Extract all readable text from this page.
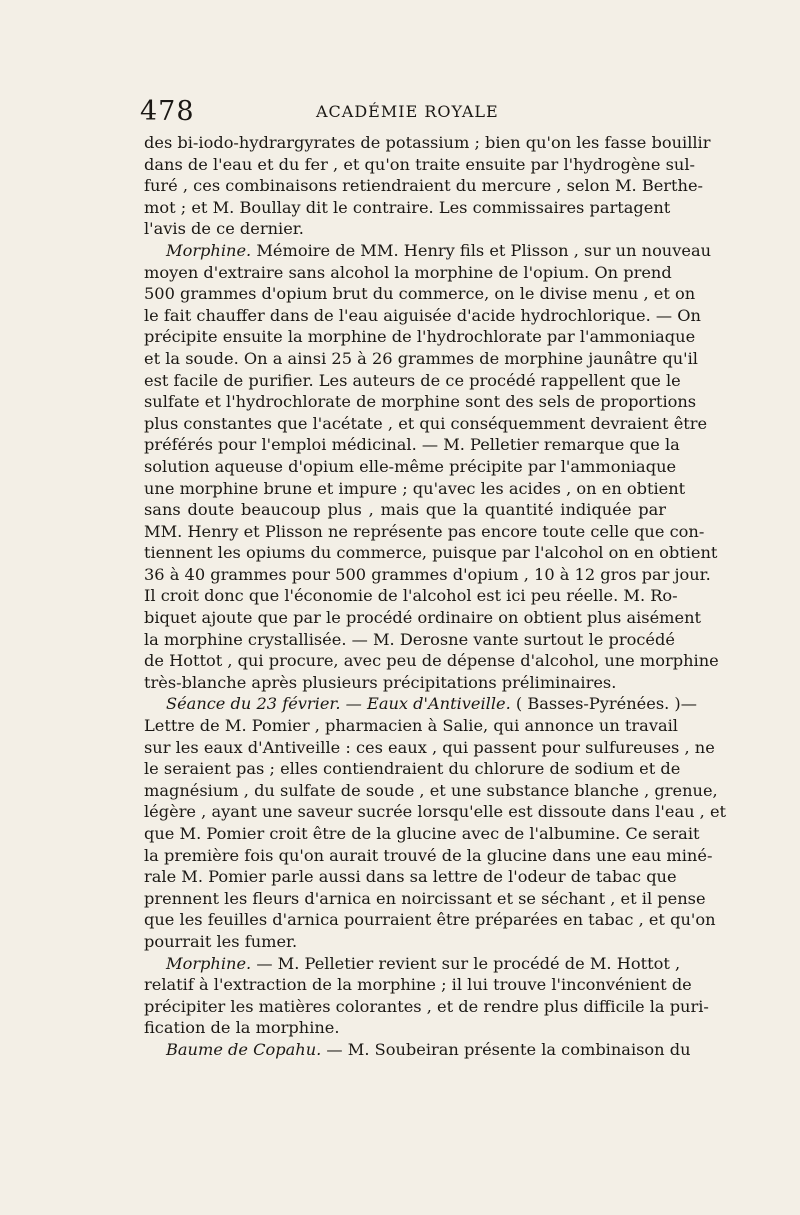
478	ACADÉMIE ROYALE
des bi-iodo-hydrargyrates de potassium ; bien qu'on les fasse bouillir
dans de l'eau et du fer , et qu'on traite ensuite par l'hydrogène sul-
furé , ces combinaisons retiendraient du mercure , selon M. Berthe-
mot ; et M. Boullay dit le contraire. Les commissaires partagent
l'avis de ce dernier.
Morphine. Mémoire de MM. Henry fils et Plisson , sur un nouveau
moyen d'extraire sans alcohol la morphine de l'opium. On prend
500 grammes d'opium brut du commerce, on le divise menu , et on
le fait chauffer dans de l'eau aiguisée d'acide hydrochlorique. — On
précipite ensuite la morphine de l'hydrochlorate par l'ammoniaque
et la soude. On a ainsi 25 à 26 grammes de morphine jaunâtre qu'il
est facile de purifier. Les auteurs de ce procédé rappellent que le
sulfate et l'hydrochlorate de morphine sont des sels de proportions
plus constantes que l'acétate , et qui conséquemment devraient être
préférés pour l'emploi médicinal. — M. Pelletier remarque que la
solution aqueuse d'opium elle-même précipite par l'ammoniaque
une morphine brune et impure ; qu'avec les acides , on en obtient
sans doute beaucoup plus , mais que la quantité indiquée par
MM. Henry et Plisson ne représente pas encore toute celle que con-
tiennent les opiums du commerce, puisque par l'alcohol on en obtient
36 à 40 grammes pour 500 grammes d'opium , 10 à 12 gros par jour.
Il croit donc que l'économie de l'alcohol est ici peu réelle. M. Ro-
biquet ajoute que par le procédé ordinaire on obtient plus aisément
la morphine crystallisée. — M. Derosne vante surtout le procédé
de Hottot , qui procure, avec peu de dépense d'alcohol, une morphine
très-blanche après plusieurs précipitations préliminaires.
Séance du 23 février. — Eaux d'Antiveille. ( Basses-Pyrénées. )—
Lettre de M. Pomier , pharmacien à Salie, qui annonce un travail
sur les eaux d'Antiveille : ces eaux , qui passent pour sulfureuses , ne
le seraient pas ; elles contiendraient du chlorure de sodium et de
magnésium , du sulfate de soude , et une substance blanche , grenue,
légère , ayant une saveur sucrée lorsqu'elle est dissoute dans l'eau , et
que M. Pomier croit être de la glucine avec de l'albumine. Ce serait
la première fois qu'on aurait trouvé de la glucine dans une eau miné-
rale M. Pomier parle aussi dans sa lettre de l'odeur de tabac que
prennent les fleurs d'arnica en noircissant et se séchant , et il pense
que les feuilles d'arnica pourraient être préparées en tabac , et qu'on
pourrait les fumer.
Morphine. — M. Pelletier revient sur le procédé de M. Hottot ,
relatif à l'extraction de la morphine ; il lui trouve l'inconvénient de
précipiter les matières colorantes , et de rendre plus difficile la puri-
fication de la morphine.
Baume de Copahu. — M. Soubeiran présente la combinaison du
